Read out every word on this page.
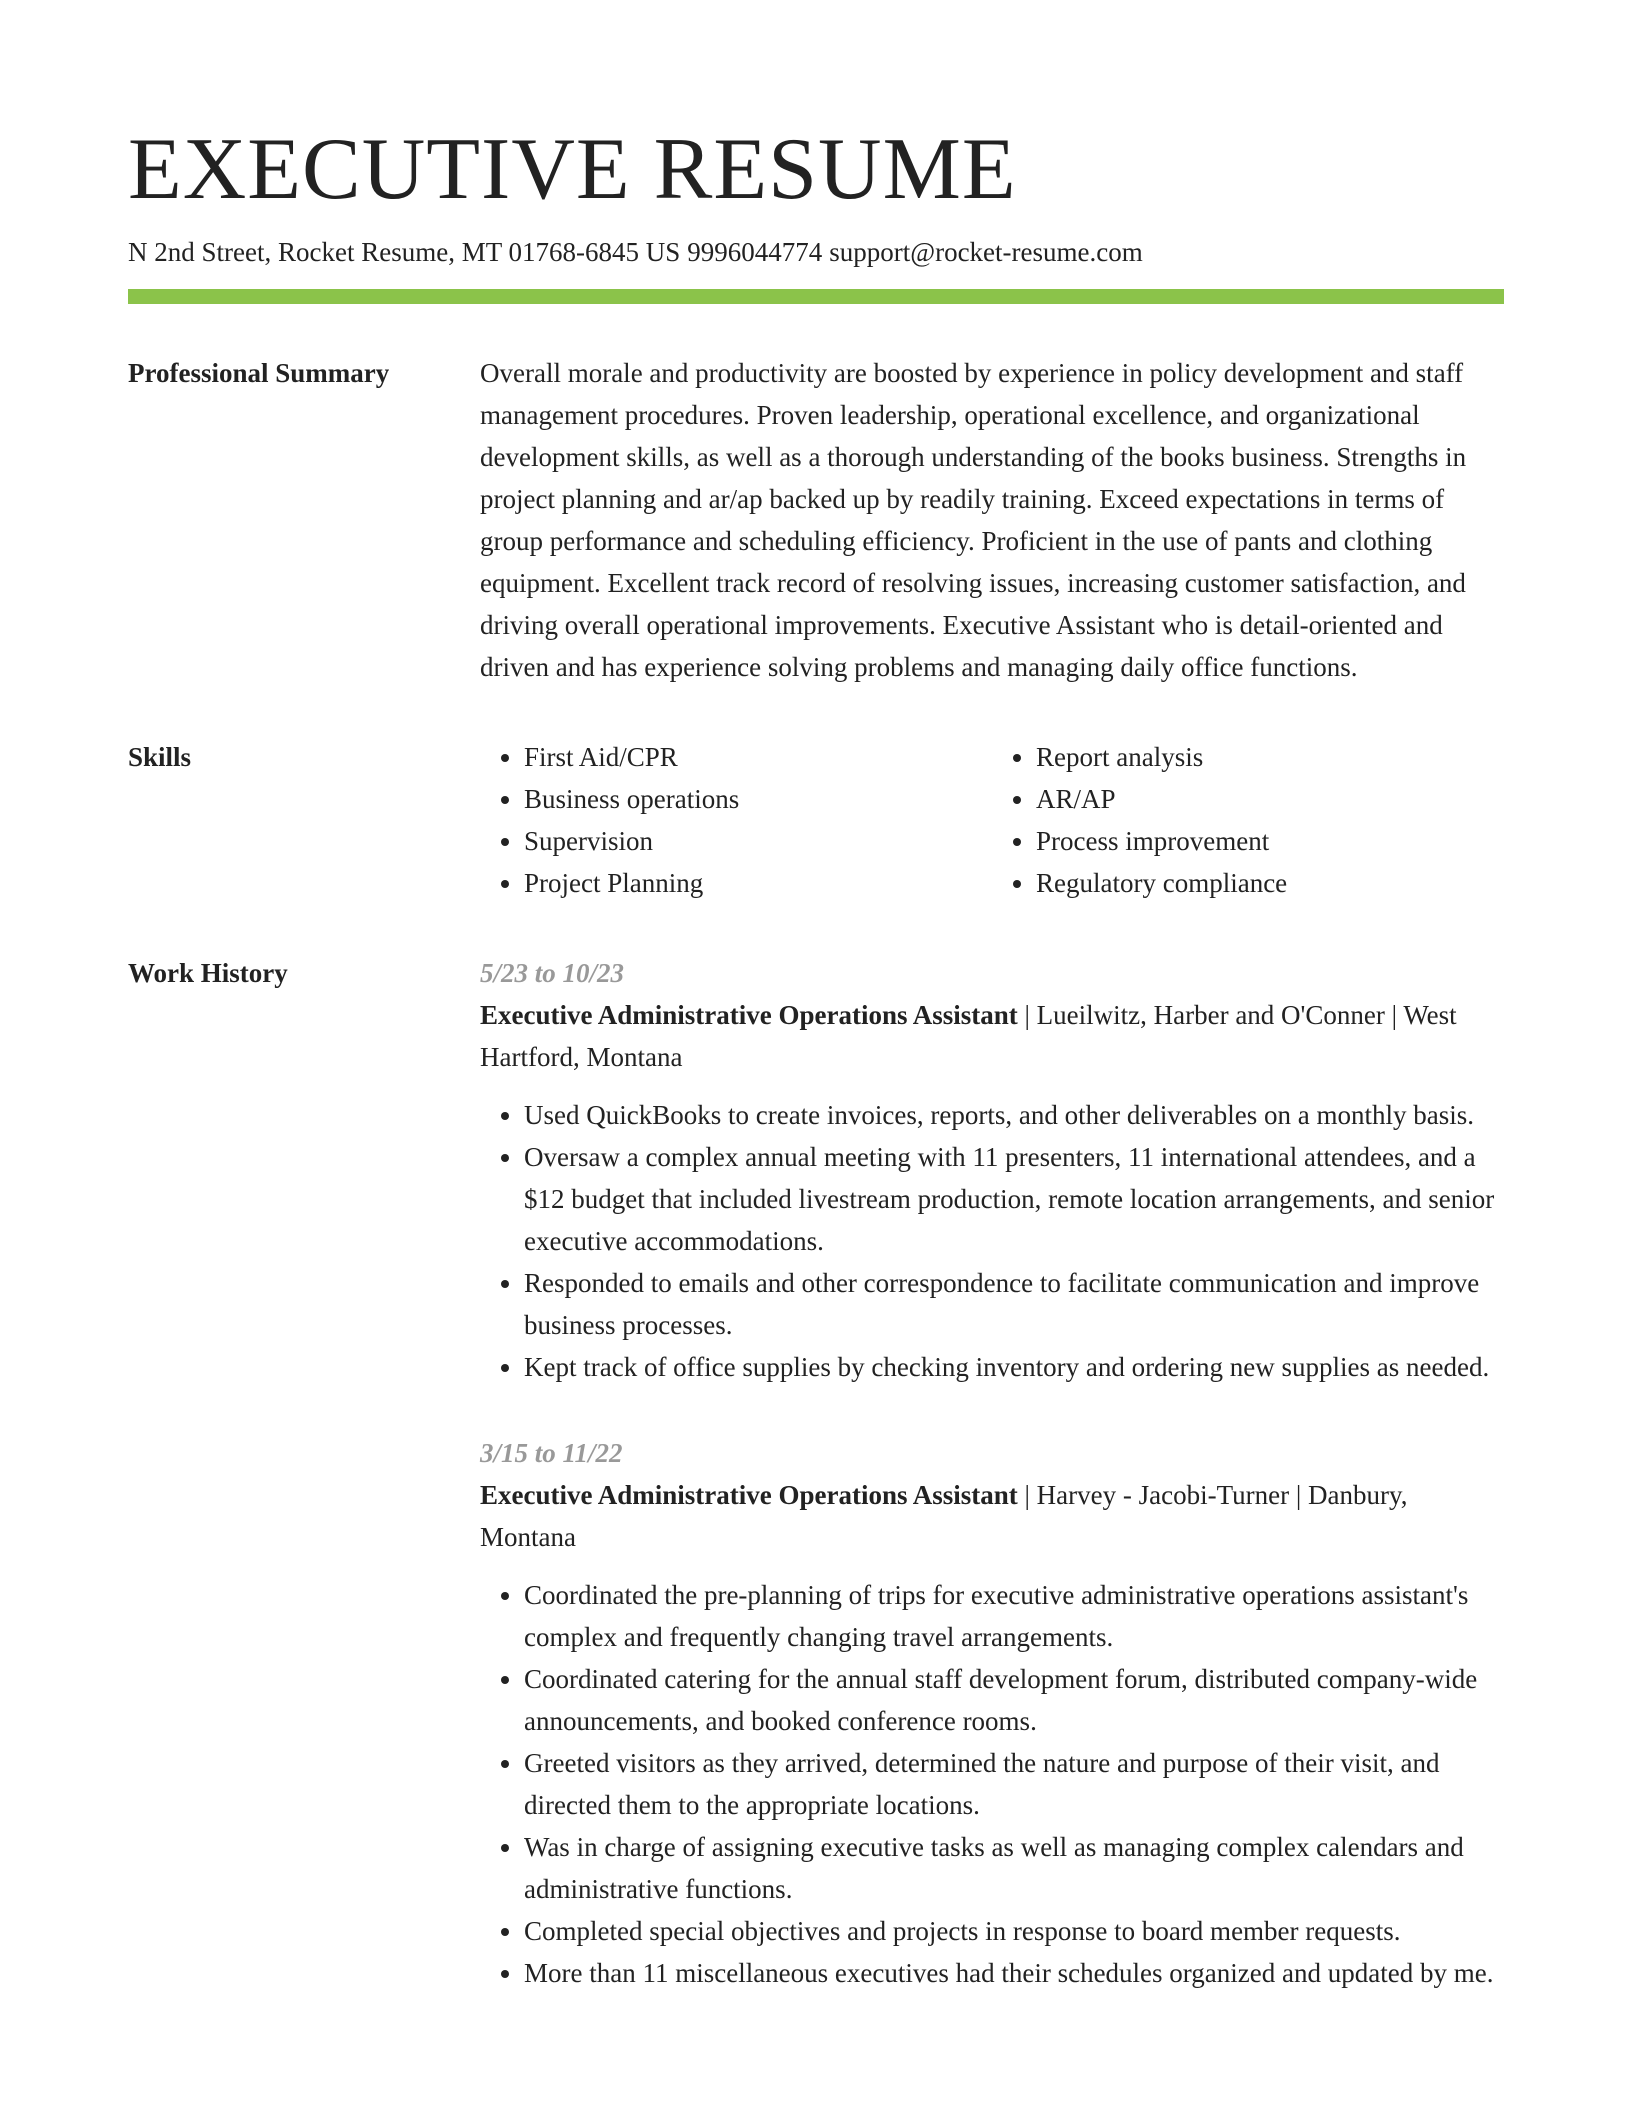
EXECUTIVE RESUME
N 2nd Street, Rocket Resume, MT 01768-6845 US 9996044774 support@rocket-resume.com
Professional Summary	Overall morale and productivity are boosted by experience in policy development and staff management procedures. Proven leadership, operational excellence, and organizational development skills, as well as a thorough understanding of the books business. Strengths in project planning and ar/ap backed up by readily training. Exceed expectations in terms of group performance and scheduling efficiency. Proficient in the use of pants and clothing equipment. Excellent track record of resolving issues, increasing customer satisfaction, and driving overall operational improvements. Executive Assistant who is detail-oriented and driven and has experience solving problems and managing daily office functions.

Skills
•	First Aid/CPR
• Business operations
• Supervision
• Project Planning
• Report analysis
• AR/AP
• Process improvement
• Regulatory compliance
Work History	5/23 to 10/23
Executive Administrative Operations Assistant | Lueilwitz, Harber and O'Conner | West Hartford, Montana
• Used QuickBooks to create invoices, reports, and other deliverables on a monthly basis.
• Oversaw a complex annual meeting with 11 presenters, 11 international attendees, and a $12 budget that included livestream production, remote location arrangements, and senior executive accommodations.
• Responded to emails and other correspondence to facilitate communication and improve business processes.
• Kept track of office supplies by checking inventory and ordering new supplies as needed.
3/15 to 11/22
Executive Administrative Operations Assistant | Harvey - Jacobi-Turner | Danbury, Montana
• Coordinated the pre-planning of trips for executive administrative operations assistant's complex and frequently changing travel arrangements.
• Coordinated catering for the annual staff development forum, distributed company-wide announcements, and booked conference rooms.
• Greeted visitors as they arrived, determined the nature and purpose of their visit, and directed them to the appropriate locations.
• Was in charge of assigning executive tasks as well as managing complex calendars and administrative functions.
• Completed special objectives and projects in response to board member requests.
• More than 11 miscellaneous executives had their schedules organized and updated by me.
